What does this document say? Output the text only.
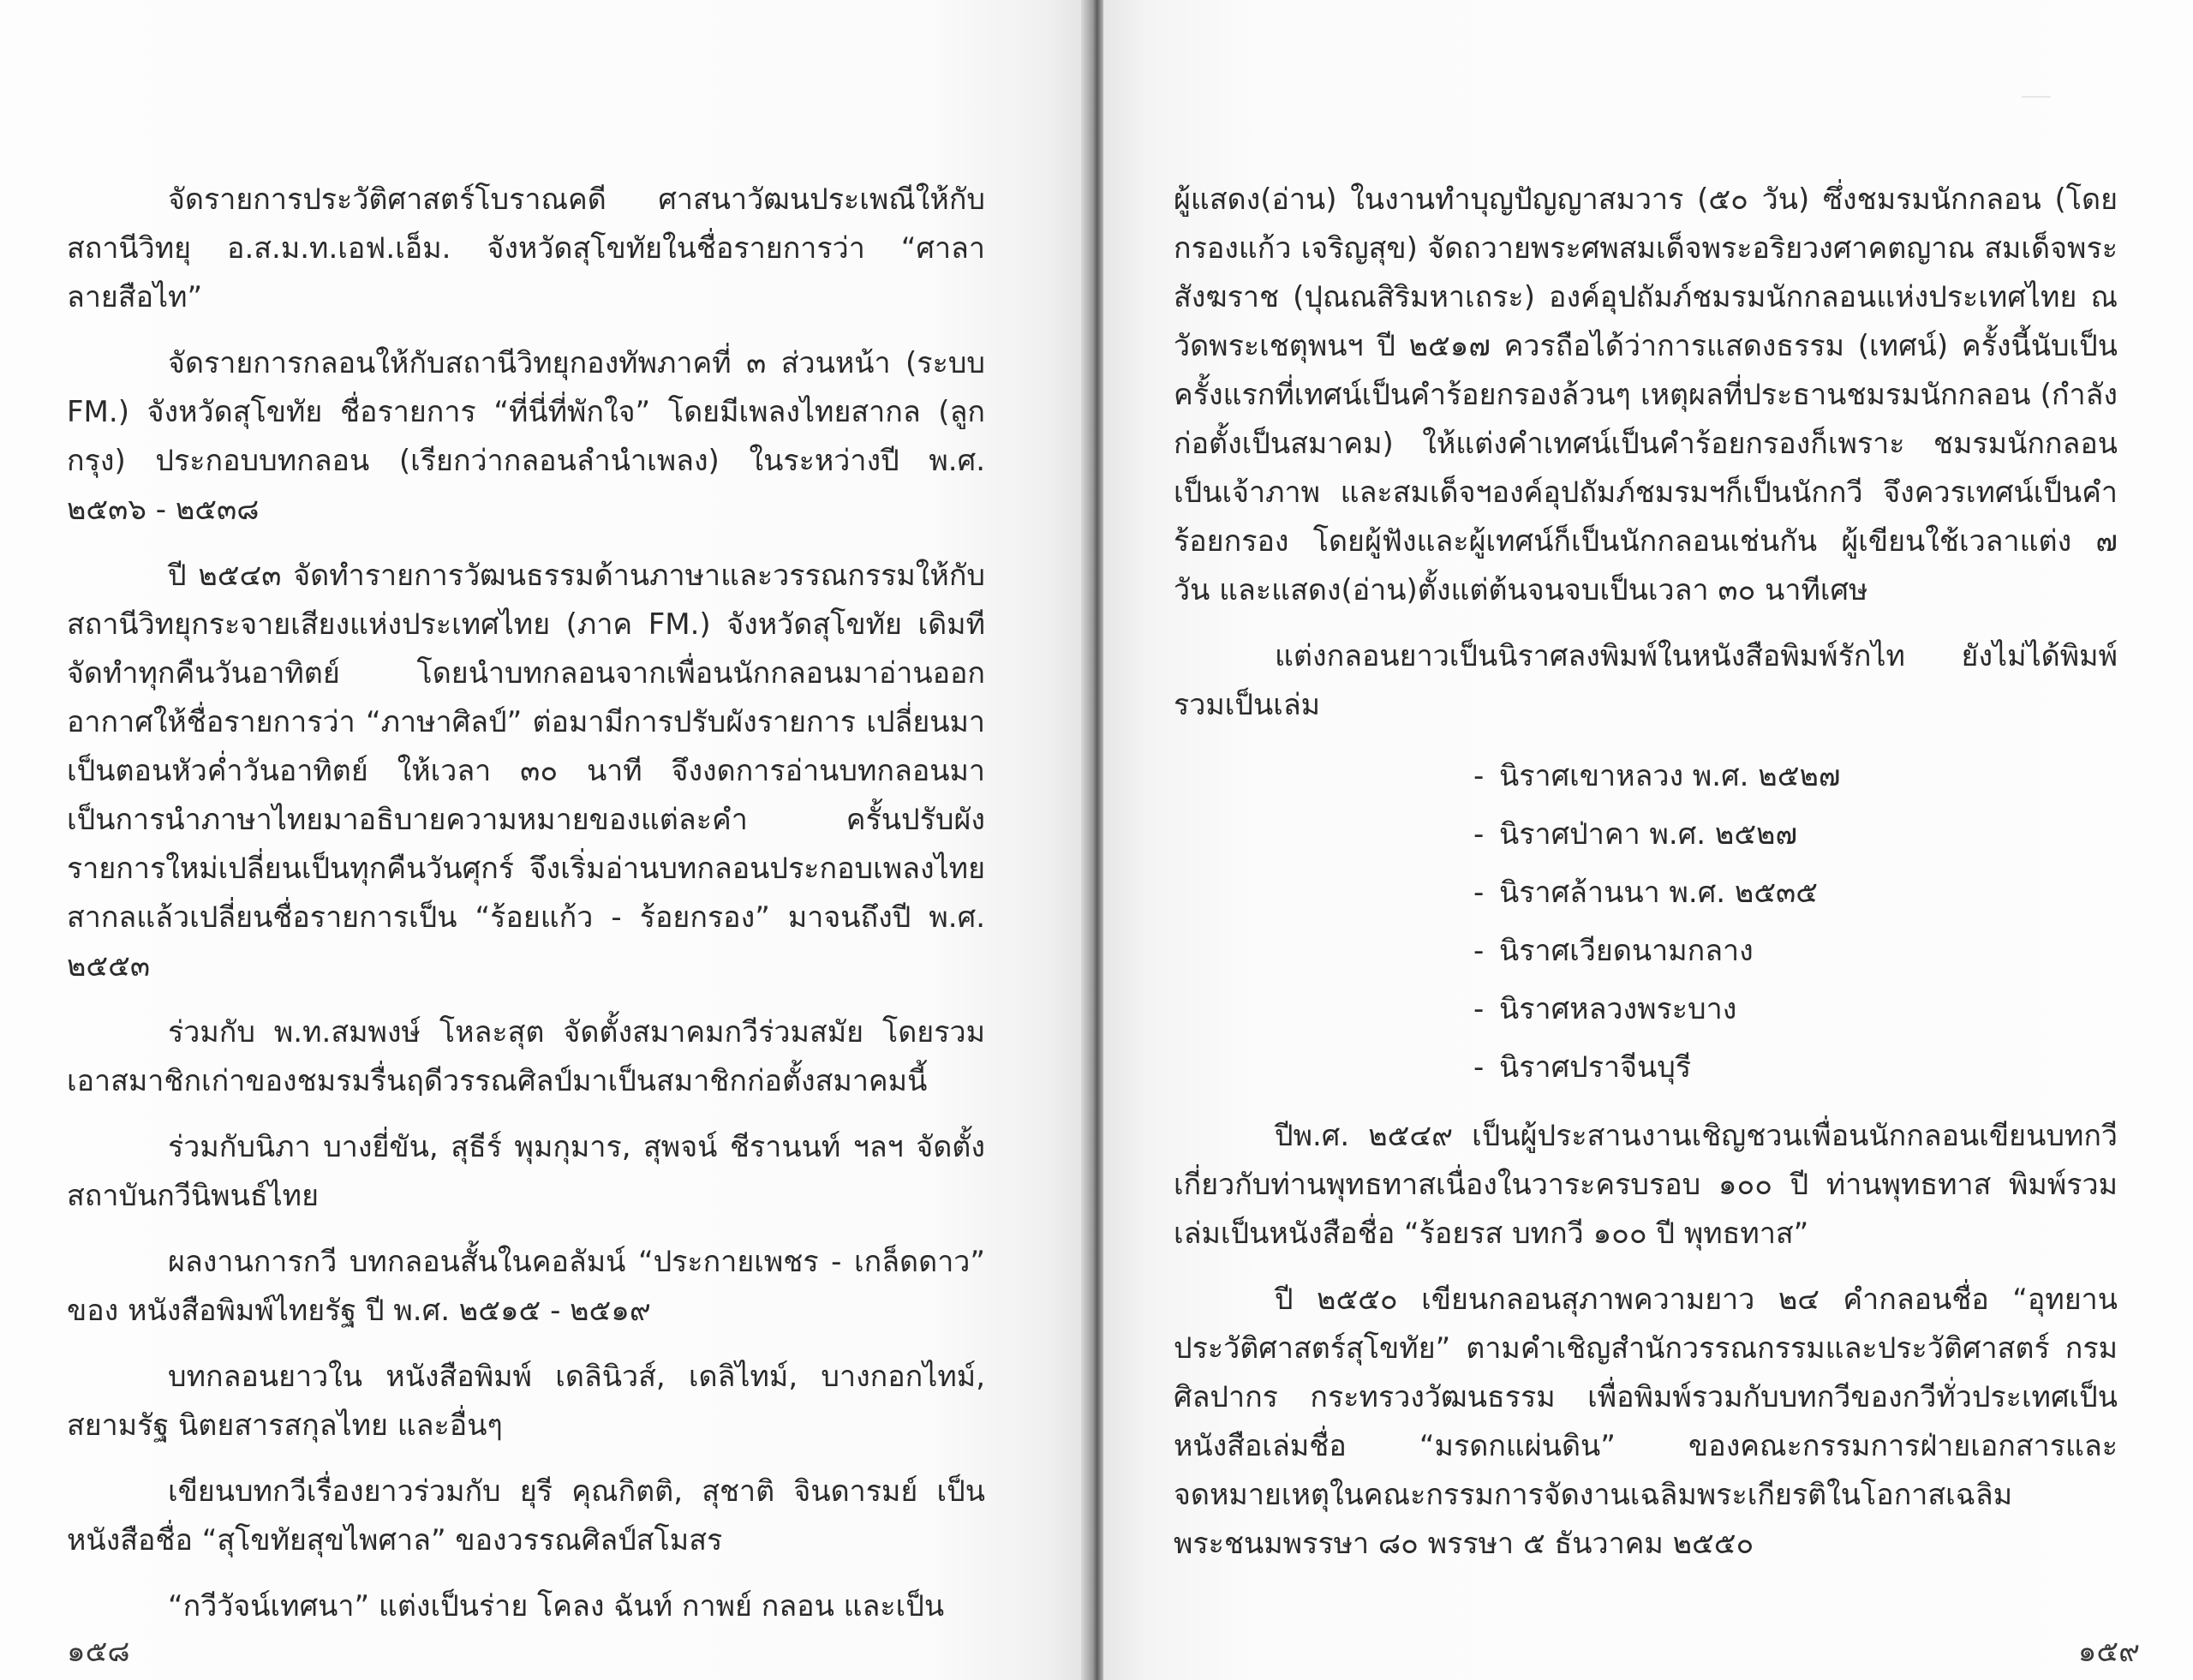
จัดรายการประวัติศาสตร์โบราณคดี ศาสนาวัฒนประเพณีให้กับสถานีวิทยุ อ.ส.ม.ท.เอฟ.เอ็ม. จังหวัดสุโขทัยในชื่อรายการว่า “ศาลาลายสือไท”

จัดรายการกลอนให้กับสถานีวิทยุกองทัพภาคที่ ๓ ส่วนหน้า (ระบบ FM.) จังหวัดสุโขทัย ชื่อรายการ “ที่นี่ที่พักใจ” โดยมีเพลงไทยสากล (ลูกกรุง) ประกอบบทกลอน (เรียกว่ากลอนลำนำเพลง) ในระหว่างปี พ.ศ. ๒๕๓๖ - ๒๕๓๘

ปี ๒๕๔๓ จัดทำรายการวัฒนธรรมด้านภาษาและวรรณกรรมให้กับสถานีวิทยุกระจายเสียงแห่งประเทศไทย (ภาค FM.) จังหวัดสุโขทัย เดิมทีจัดทำทุกคืนวันอาทิตย์ โดยนำบทกลอนจากเพื่อนนักกลอนมาอ่านออกอากาศให้ชื่อรายการว่า “ภาษาศิลป์” ต่อมามีการปรับผังรายการ เปลี่ยนมาเป็นตอนหัวค่ำวันอาทิตย์ ให้เวลา ๓๐ นาที จึงงดการอ่านบทกลอนมาเป็นการนำภาษาไทยมาอธิบายความหมายของแต่ละคำ ครั้นปรับผังรายการใหม่เปลี่ยนเป็นทุกคืนวันศุกร์ จึงเริ่มอ่านบทกลอนประกอบเพลงไทยสากลแล้วเปลี่ยนชื่อรายการเป็น “ร้อยแก้ว - ร้อยกรอง” มาจนถึงปี พ.ศ. ๒๕๕๓

ร่วมกับ พ.ท.สมพงษ์ โหละสุต จัดตั้งสมาคมกวีร่วมสมัย โดยรวมเอาสมาชิกเก่าของชมรมรื่นฤดีวรรณศิลป์มาเป็นสมาชิกก่อตั้งสมาคมนี้

ร่วมกับนิภา บางยี่ขัน, สุธีร์ พุมกุมาร, สุพจน์ ชีรานนท์ ฯลฯ จัดตั้งสถาบันกวีนิพนธ์ไทย

ผลงานการกวี บทกลอนสั้นในคอลัมน์ “ประกายเพชร - เกล็ดดาว” ของ หนังสือพิมพ์ไทยรัฐ ปี พ.ศ. ๒๕๑๕ - ๒๕๑๙

บทกลอนยาวใน หนังสือพิมพ์ เดลินิวส์, เดลิไทม์, บางกอกไทม์, สยามรัฐ นิตยสารสกุลไทย และอื่นๆ

เขียนบทกวีเรื่องยาวร่วมกับ ยุรี คุณกิตติ, สุชาติ จินดารมย์ เป็นหนังสือชื่อ “สุโขทัยสุขไพศาล” ของวรรณศิลป์สโมสร

“กวีวัจน์เทศนา” แต่งเป็นร่าย โคลง ฉันท์ กาพย์ กลอน และเป็น

๑๕๘

ผู้แสดง(อ่าน) ในงานทำบุญปัญญาสมวาร (๕๐ วัน) ซึ่งชมรมนักกลอน (โดย กรองแก้ว เจริญสุข) จัดถวายพระศพสมเด็จพระอริยวงศาคตญาณ สมเด็จพระสังฆราช (ปุณณสิริมหาเถระ) องค์อุปถัมภ์ชมรมนักกลอนแห่งประเทศไทย ณ วัดพระเชตุพนฯ ปี ๒๕๑๗ ควรถือได้ว่าการแสดงธรรม (เทศน์) ครั้งนี้นับเป็นครั้งแรกที่เทศน์เป็นคำร้อยกรองล้วนๆ เหตุผลที่ประธานชมรมนักกลอน (กำลังก่อตั้งเป็นสมาคม) ให้แต่งคำเทศน์เป็นคำร้อยกรองก็เพราะ ชมรมนักกลอนเป็นเจ้าภาพ และสมเด็จฯองค์อุปถัมภ์ชมรมฯก็เป็นนักกวี จึงควรเทศน์เป็นคำร้อยกรอง โดยผู้ฟังและผู้เทศน์ก็เป็นนักกลอนเช่นกัน ผู้เขียนใช้เวลาแต่ง ๗ วัน และแสดง(อ่าน)ตั้งแต่ต้นจนจบเป็นเวลา ๓๐ นาทีเศษ

แต่งกลอนยาวเป็นนิราศลงพิมพ์ในหนังสือพิมพ์รักไท ยังไม่ได้พิมพ์รวมเป็นเล่ม

- นิราศเขาหลวง พ.ศ. ๒๕๒๗
- นิราศป่าคา พ.ศ. ๒๕๒๗
- นิราศล้านนา พ.ศ. ๒๕๓๕
- นิราศเวียดนามกลาง
- นิราศหลวงพระบาง
- นิราศปราจีนบุรี

ปีพ.ศ. ๒๕๔๙ เป็นผู้ประสานงานเชิญชวนเพื่อนนักกลอนเขียนบทกวีเกี่ยวกับท่านพุทธทาสเนื่องในวาระครบรอบ ๑๐๐ ปี ท่านพุทธทาส พิมพ์รวมเล่มเป็นหนังสือชื่อ “ร้อยรส บทกวี ๑๐๐ ปี พุทธทาส”

ปี ๒๕๕๐ เขียนกลอนสุภาพความยาว ๒๔ คำกลอนชื่อ “อุทยานประวัติศาสตร์สุโขทัย” ตามคำเชิญสำนักวรรณกรรมและประวัติศาสตร์ กรมศิลปากร กระทรวงวัฒนธรรม เพื่อพิมพ์รวมกับบทกวีของกวีทั่วประเทศเป็นหนังสือเล่มชื่อ “มรดกแผ่นดิน” ของคณะกรรมการฝ่ายเอกสารและจดหมายเหตุในคณะกรรมการจัดงานเฉลิมพระเกียรติในโอกาสเฉลิมพระชนมพรรษา ๘๐ พรรษา ๕ ธันวาคม ๒๕๕๐

๑๕๙
